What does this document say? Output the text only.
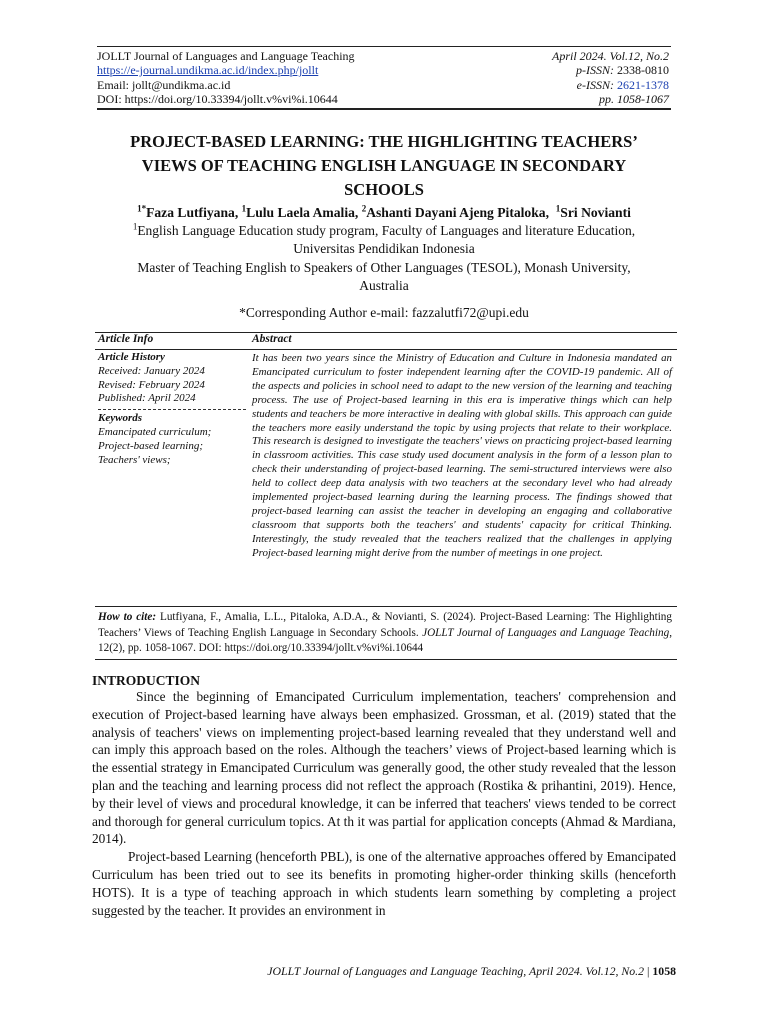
JOLLT Journal of Languages and Language Teaching
https://e-journal.undikma.ac.id/index.php/jollt
Email: jollt@undikma.ac.id
DOI: https://doi.org/10.33394/jollt.v%vi%i.10644
April 2024. Vol.12, No.2
p-ISSN: 2338-0810
e-ISSN: 2621-1378
pp. 1058-1067
PROJECT-BASED LEARNING: THE HIGHLIGHTING TEACHERS’
VIEWS OF TEACHING ENGLISH LANGUAGE IN SECONDARY
SCHOOLS
$^{1*}$Faza Lutfiyana, $^1$Lulu Laela Amalia, $^2$Ashanti Dayani Ajeng Pitaloka, $^1$Sri Novianti
$^1$English Language Education study program, Faculty of Languages and literature Education,
Universitas Pendidikan Indonesia
Master of Teaching English to Speakers of Other Languages (TESOL), Monash University,
Australia
*Corresponding Author e-mail: fazzalutfi72@upi.edu
Article Info	Abstract
Article History
Received: January 2024
Revised: February 2024
Published: April 2024
Keywords
Emancipated curriculum;
Project-based learning;
Teachers' views;
It has been two years since the Ministry of Education and Culture in Indonesia mandated an Emancipated curriculum to foster independent learning after the COVID-19 pandemic. All of the aspects and policies in school need to adapt to the new version of the learning and teaching process. The use of Project-based learning in this era is imperative things which can help students and teachers be more interactive in dealing with global skills. This approach can guide the teachers more easily understand the topic by using projects that relate to their workplace. This research is designed to investigate the teachers' views on practicing project-based learning in classroom activities. This case study used document analysis in the form of a lesson plan to check their understanding of project-based learning. The semi-structured interviews were also held to collect deep data analysis with two teachers at the secondary level who had already implemented project-based learning during the learning process. The findings showed that project-based learning can assist the teacher in developing an engaging and collaborative classroom that supports both the teachers' and students' capacity for critical Thinking. Interestingly, the study revealed that the teachers realized that the challenges in applying Project-based learning might derive from the number of meetings in one project.
How to cite: Lutfiyana, F., Amalia, L.L., Pitaloka, A.D.A., & Novianti, S. (2024). Project-Based Learning: The Highlighting Teachers’ Views of Teaching English Language in Secondary Schools. JOLLT Journal of Languages and Language Teaching, 12(2), pp. 1058-1067. DOI: https://doi.org/10.33394/jollt.v%vi%i.10644
INTRODUCTION

Since the beginning of Emancipated Curriculum implementation, teachers' comprehension and execution of Project-based learning have always been emphasized. Grossman, et al. (2019) stated that the analysis of teachers' views on implementing project-based learning revealed that they understand well and can imply this approach based on the roles. Although the teachers’ views of Project-based learning which is the essential strategy in Emancipated Curriculum was generally good, the other study revealed that the lesson plan and the teaching and learning process did not reflect the approach (Rostika & prihantini, 2019). Hence, by their level of views and procedural knowledge, it can be inferred that teachers' views tended to be correct and thorough for general curriculum topics. At th it was partial for application concepts (Ahmad & Mardiana, 2014).

Project-based Learning (henceforth PBL), is one of the alternative approaches offered by Emancipated Curriculum has been tried out to see its benefits in promoting higher-order thinking skills (henceforth HOTS). It is a type of teaching approach in which students learn something by completing a project suggested by the teacher. It provides an environment in

JOLLT Journal of Languages and Language Teaching, April 2024. Vol.12, No.2 | 1058
